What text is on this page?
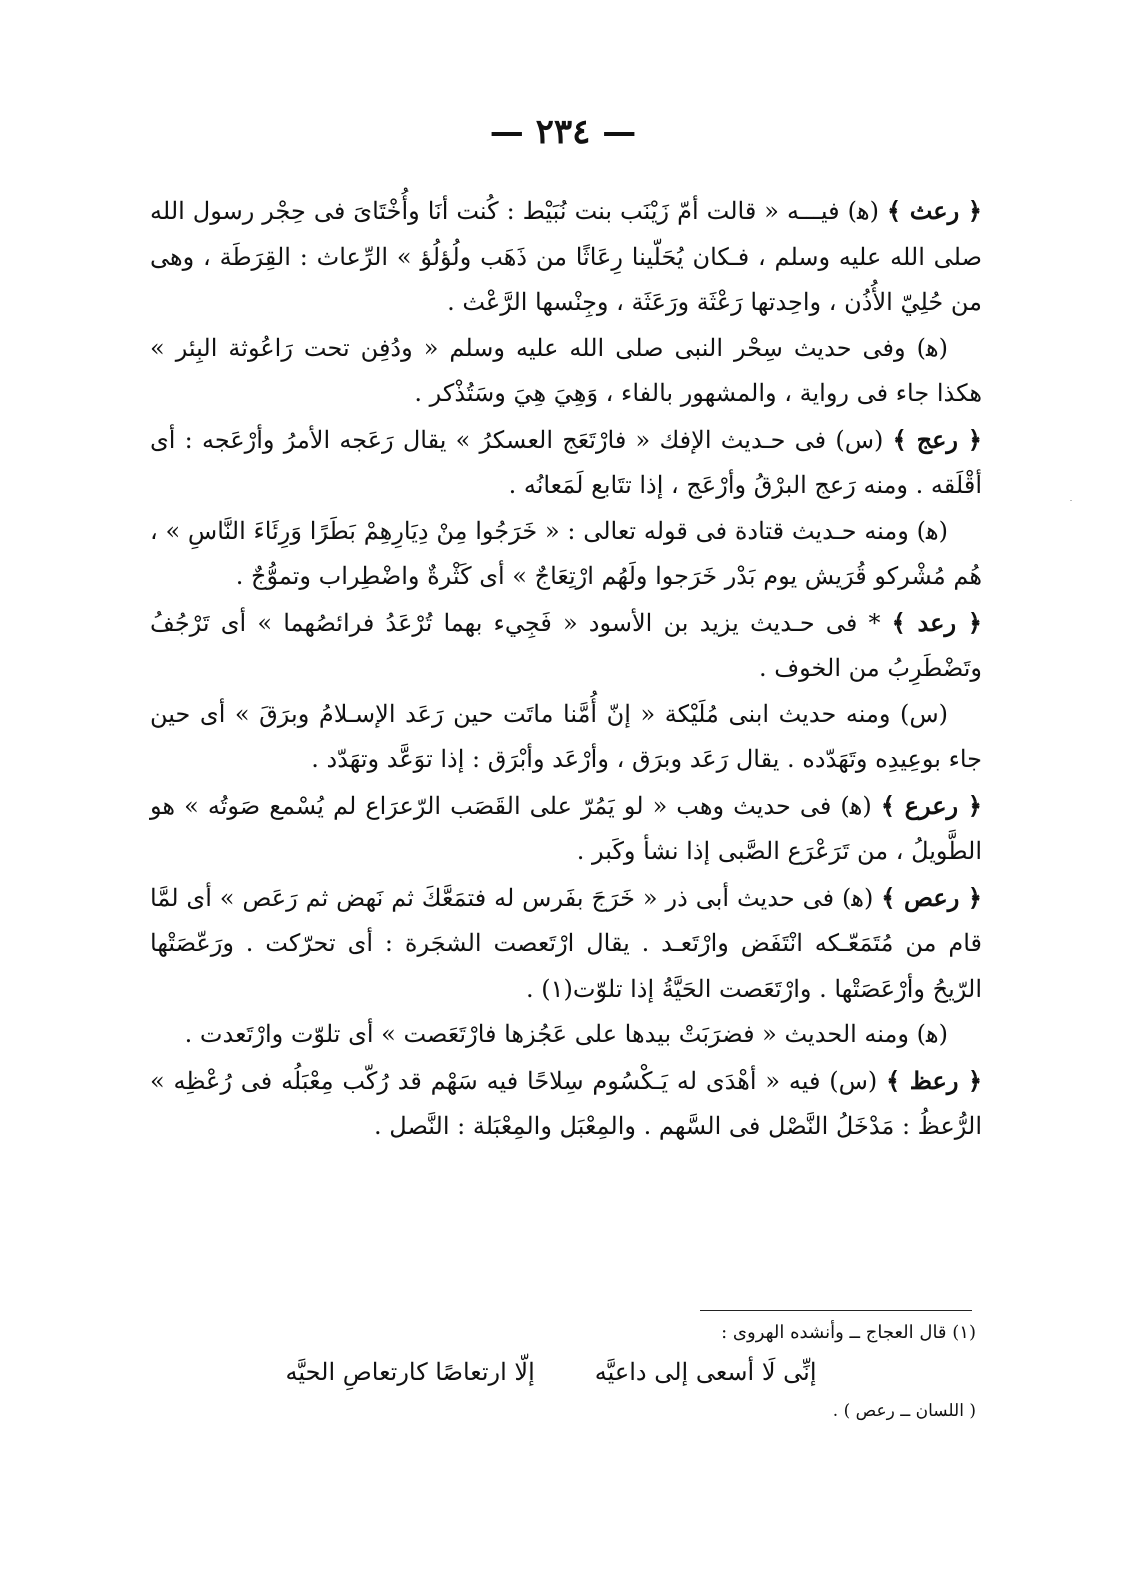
— ٢٣٤ —

﴿ رعث ﴾ (ﻫ) فيـــه « قالت أمّ زَيْنَب بنت نُبَيْط : كُنت أنَا وأُخْتَاىَ فى حِجْر رسول الله صلى الله عليه وسلم ، فـكان يُحَلّينا رِعَاثًا من ذَهَب ولُؤلُؤ » الرِّعاث : القِرَطَة ، وهى من حُلِيّ الأُذُن ، واحِدتها رَعْثَة ورَعَثَة ، وجِنْسها الرَّعْث .

(ﻫ) وفى حديث سِحْر النبى صلى الله عليه وسلم « ودُفِن تحت رَاعُوثة البِئر » هكذا جاء فى رواية ، والمشهور بالفاء ، وَهِيَ هِيَ وسَتُذْكر .

﴿ رعج ﴾ (س) فى حـديث الإفك « فارْتَعَج العسكرُ » يقال رَعَجه الأمرُ وأرْعَجه : أى أقْلَقه . ومنه رَعج البرْقُ وأرْعَج ، إذا تتَابع لَمَعانُه .

(ﻫ) ومنه حـديث قتادة فى قوله تعالى : « خَرَجُوا مِنْ دِيَارِهِمْ بَطَرًا وَرِئَاءَ النَّاسِ » ، هُم مُشْركو قُرَيش يوم بَدْر خَرَجوا ولَهُم ارْتِعَاجٌ » أى كَثْرةٌ واضْطِراب وتموُّجٌ .

﴿ رعد ﴾ * فى حـديث يزيد بن الأسود « فَجِيء بهما تُرْعَدُ فرائصُهما » أى تَرْجُفُ وتَضْطَرِبُ من الخوف .

(س) ومنه حديث ابنى مُلَيْكة « إنّ أُمَّنا ماتَت حين رَعَد الإسـلامُ وبرَقَ » أى حين جاء بوعِيدِه وتَهَدّده . يقال رَعَد وبرَق ، وأرْعَد وأبْرَق : إذا توَعَّد وتهَدّد .

﴿ رعرع ﴾ (ﻫ) فى حديث وهب « لو يَمُرّ على القَصَب الرّعرَاع لم يُسْمع صَوتُه » هو الطَّويلُ ، من تَرَعْرَع الصَّبى إذا نشأ وكَبر .

﴿ رعص ﴾ (ﻫ) فى حديث أبى ذر « خَرَجَ بفَرس له فتمَعَّكَ ثم نَهض ثم رَعَص » أى لمَّا قام من مُتَمَعّـكه انْتَفَض وارْتَعـد . يقال ارْتَعصت الشجَرة : أى تحرّكت . ورَعّصَتْها الرّيحُ وأرْعَصَتْها . وارْتَعَصت الحَيَّةُ إذا تلوّت(١) .

(ﻫ) ومنه الحديث « فضرَبَتْ بيدها على عَجُزها فارْتَعَصت » أى تلوّت وارْتَعدت .

﴿ رعظ ﴾ (س) فيه « أهْدَى له يَـكْسُوم سِلاحًا فيه سَهْم قد رُكّب مِعْبَلُه فى رُعْظِه » الرُّعظُ : مَدْخَلُ النَّصْل فى السَّهم . والمِعْبَل والمِعْبَلة : النَّصل .

(١) قال العجاج ــ وأنشده الهروى :
إنِّى لَا أسعى إلى داعيَّه
إلّا ارتعاصًا كارتعاصِ الحيَّه
( اللسان ــ رعص ) .
